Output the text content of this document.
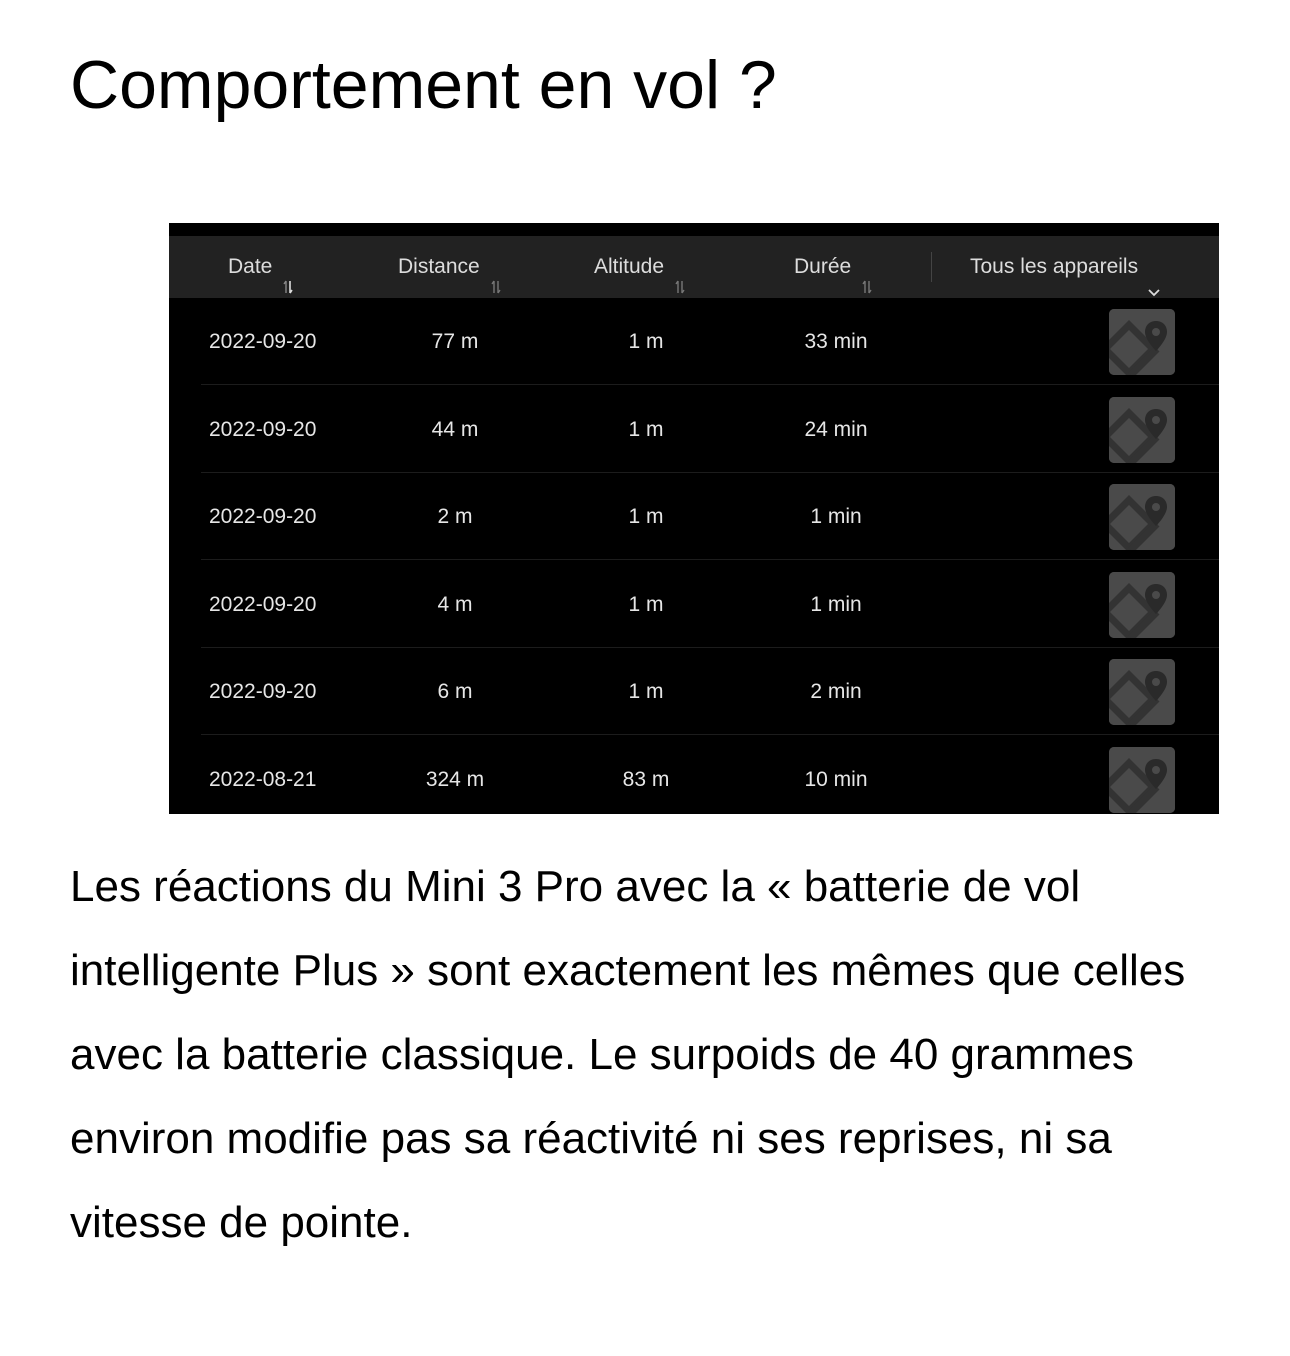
Comportement en vol ?
Date	Distance	Altitude	Durée	Tous les appareils
2022-09-20	77 m	1 m	33 min
2022-09-20	44 m	1 m	24 min
2022-09-20	2 m	1 m	1 min
2022-09-20	4 m	1 m	1 min
2022-09-20	6 m	1 m	2 min
2022-08-21	324 m	83 m	10 min

Les réactions du Mini 3 Pro avec la « batterie de vol intelligente Plus » sont exactement les mêmes que celles avec la batterie classique. Le surpoids de 40 grammes environ modifie pas sa réactivité ni ses reprises, ni sa vitesse de pointe.
